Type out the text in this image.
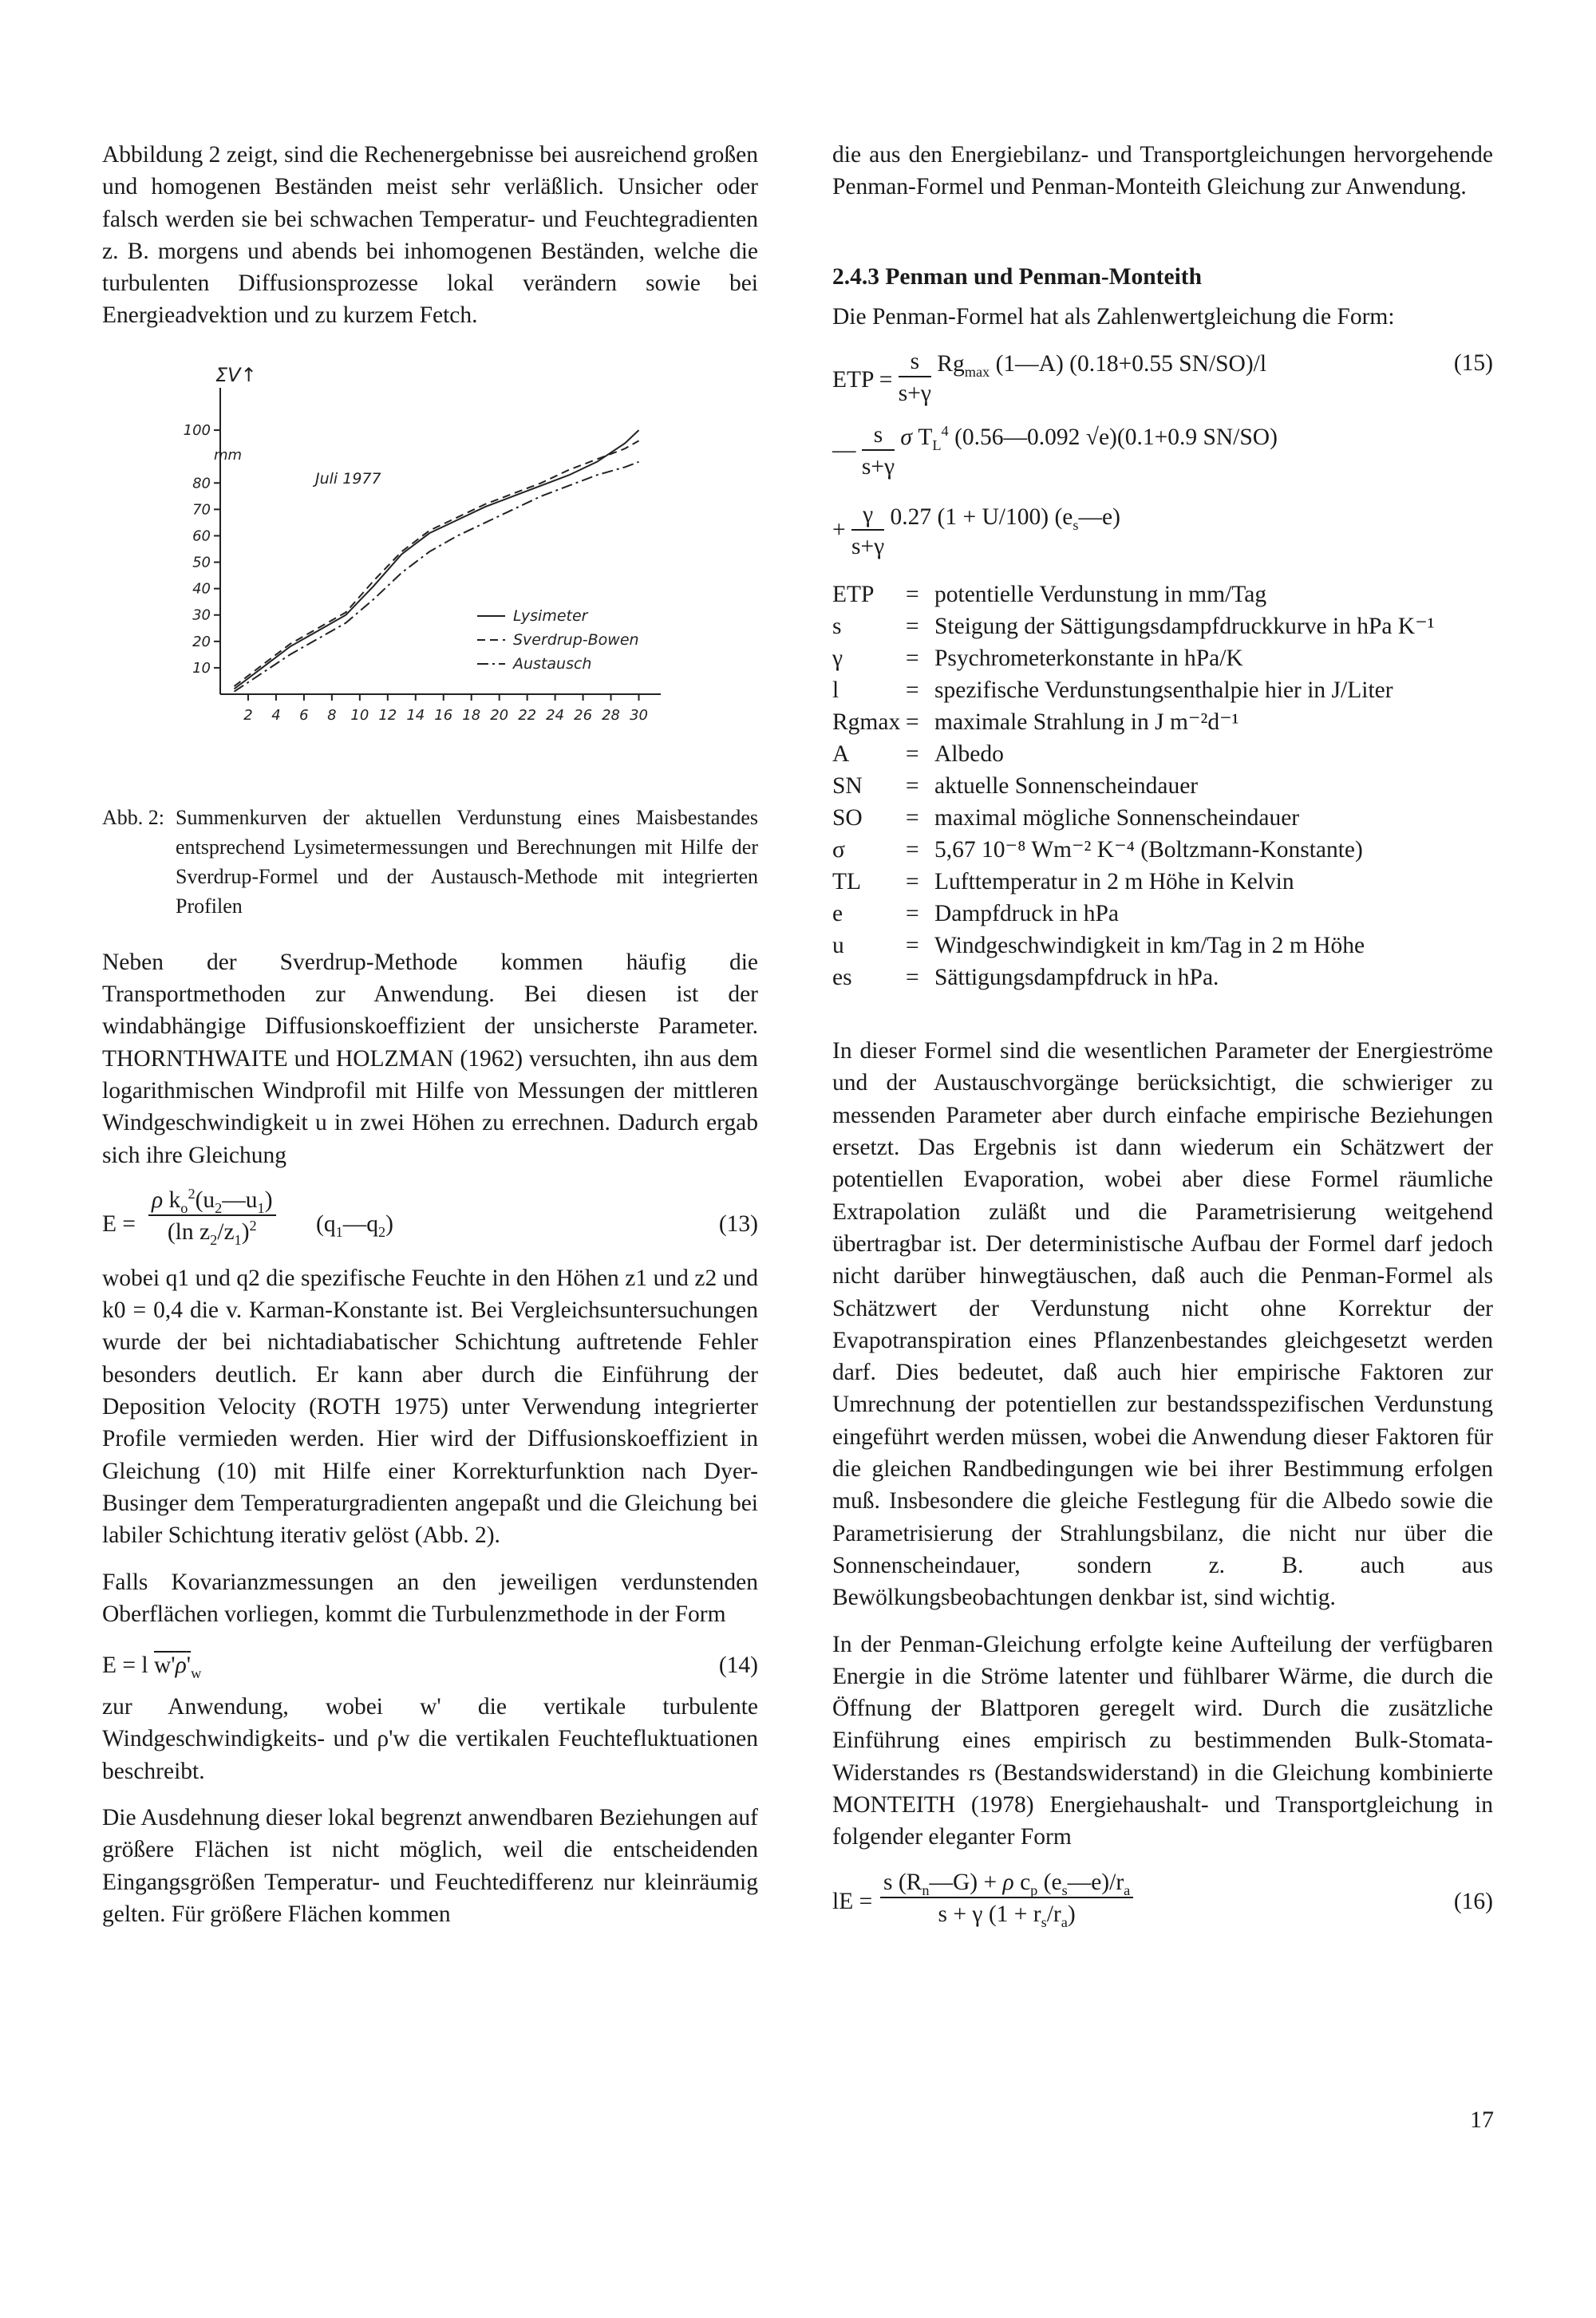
Abbildung 2 zeigt, sind die Rechenergebnisse bei ausreichend großen und homogenen Beständen meist sehr verläßlich. Unsicher oder falsch werden sie bei schwachen Temperatur- und Feuchtegradienten z. B. morgens und abends bei inhomogenen Beständen, welche die turbulenten Diffusionsprozesse lokal verändern sowie bei Energieadvektion und zu kurzem Fetch.

ΣV↑
mm
Juli 1977
10
20
30
40
50
60
70
80
100
2 4 6 8 10 12 14 16 18 20 22 24 26 28 30
Lysimeter
Sverdrup-Bowen
Austausch
Abb. 2: Summenkurven der aktuellen Verdunstung eines Maisbestandes entsprechend Lysimetermessungen und Berechnungen mit Hilfe der Sverdrup-Formel und der Austausch-Methode mit integrierten Profilen

Neben der Sverdrup-Methode kommen häufig die Transportmethoden zur Anwendung. Bei diesen ist der windabhängige Diffusionskoeffizient der unsicherste Parameter. THORNTHWAITE und HOLZMAN (1962) versuchten, ihn aus dem logarithmischen Windprofil mit Hilfe von Messungen der mittleren Windgeschwindigkeit u in zwei Höhen zu errechnen. Dadurch ergab sich ihre Gleichung

$E = \frac{\rho k_o^2(u_2—u_1)}{(\ln z_2/z_1)^2}$ $(q_1—q_2)$	(13)

wobei q1 und q2 die spezifische Feuchte in den Höhen z1 und z2 und k0 = 0,4 die v. Karman-Konstante ist. Bei Vergleichsuntersuchungen wurde der bei nichtadiabatischer Schichtung auftretende Fehler besonders deutlich. Er kann aber durch die Einführung der Deposition Velocity (ROTH 1975) unter Verwendung integrierter Profile vermieden werden. Hier wird der Diffusionskoeffizient in Gleichung (10) mit Hilfe einer Korrekturfunktion nach Dyer-Businger dem Temperaturgradienten angepaßt und die Gleichung bei labiler Schichtung iterativ gelöst (Abb. 2).

Falls Kovarianzmessungen an den jeweiligen verdunstenden Oberflächen vorliegen, kommt die Turbulenzmethode in der Form

E = l $w'\rho'_w$	(14)

zur Anwendung, wobei w' die vertikale turbulente Windgeschwindigkeits- und ρ'w die vertikalen Feuchtefluktuationen beschreibt.

Die Ausdehnung dieser lokal begrenzt anwendbaren Beziehungen auf größere Flächen ist nicht möglich, weil die entscheidenden Eingangsgrößen Temperatur- und Feuchtedifferenz nur kleinräumig gelten. Für größere Flächen kommen

die aus den Energiebilanz- und Transportgleichungen hervorgehende Penman-Formel und Penman-Monteith Gleichung zur Anwendung.

2.4.3 Penman und Penman-Monteith

Die Penman-Formel hat als Zahlenwertgleichung die Form:

ETP = $\frac{s}{s+\gamma} Rg_{max}$ (1—A) (0.18+0.55 SN/SO)/l	(15)
— $\frac{s}{s+\gamma}$ σ $T_L^4$ (0.56—0.092 √e)(0.1+0.9 SN/SO)
+ $\frac{\gamma}{s+\gamma} 0.27$ (1 + U/100) $(e_s—e)$
ETP	=	potentielle Verdunstung in mm/Tag
s	=	Steigung der Sättigungsdampfdruckkurve in hPa K⁻¹
γ	=	Psychrometerkonstante in hPa/K
l	=	spezifische Verdunstungsenthalpie hier in J/Liter
Rgmax	=	maximale Strahlung in J m⁻²d⁻¹
A	=	Albedo
SN	=	aktuelle Sonnenscheindauer
SO	=	maximal mögliche Sonnenscheindauer
σ	=	5,67 10⁻⁸ Wm⁻² K⁻⁴ (Boltzmann-Konstante)
TL	=	Lufttemperatur in 2 m Höhe in Kelvin
e	=	Dampfdruck in hPa
u	=	Windgeschwindigkeit in km/Tag in 2 m Höhe
es	=	Sättigungsdampfdruck in hPa.

In dieser Formel sind die wesentlichen Parameter der Energieströme und der Austauschvorgänge berücksichtigt, die schwieriger zu messenden Parameter aber durch einfache empirische Beziehungen ersetzt. Das Ergebnis ist dann wiederum ein Schätzwert der potentiellen Evaporation, wobei aber diese Formel räumliche Extrapolation zuläßt und die Parametrisierung weitgehend übertragbar ist. Der deterministische Aufbau der Formel darf jedoch nicht darüber hinwegtäuschen, daß auch die Penman-Formel als Schätzwert der Verdunstung nicht ohne Korrektur der Evapotranspiration eines Pflanzenbestandes gleichgesetzt werden darf. Dies bedeutet, daß auch hier empirische Faktoren zur Umrechnung der potentiellen zur bestandsspezifischen Verdunstung eingeführt werden müssen, wobei die Anwendung dieser Faktoren für die gleichen Randbedingungen wie bei ihrer Bestimmung erfolgen muß. Insbesondere die gleiche Festlegung für die Albedo sowie die Parametrisierung der Strahlungsbilanz, die nicht nur über die Sonnenscheindauer, sondern z. B. auch aus Bewölkungsbeobachtungen denkbar ist, sind wichtig.

In der Penman-Gleichung erfolgte keine Aufteilung der verfügbaren Energie in die Ströme latenter und fühlbarer Wärme, die durch die Öffnung der Blattporen geregelt wird. Durch die zusätzliche Einführung eines empirisch zu bestimmenden Bulk-Stomata-Widerstandes rs (Bestandswiderstand) in die Gleichung kombinierte MONTEITH (1978) Energiehaushalt- und Transportgleichung in folgender eleganter Form

lE = $\frac{s (R_n—G) + \rho c_p (e_s—e)/r_a}{s + \gamma (1 + r_s/r_a)}$	(16)
17
